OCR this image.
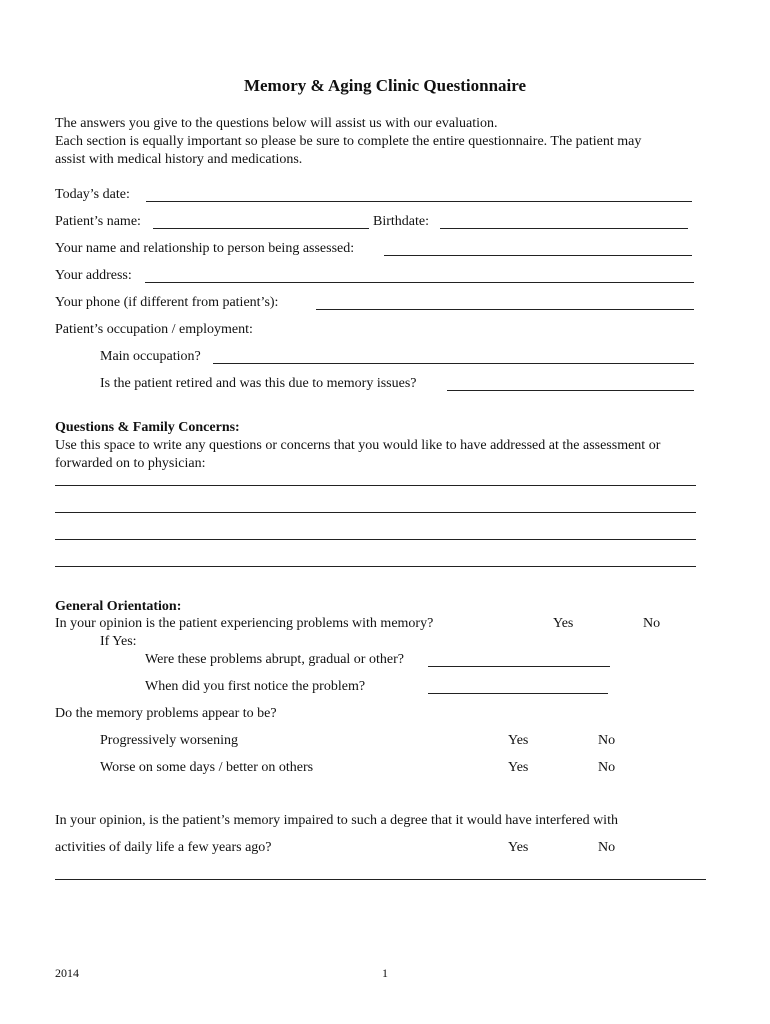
Memory & Aging Clinic Questionnaire
The answers you give to the questions below will assist us with our evaluation.
Each section is equally important so please be sure to complete the entire questionnaire. The patient may
assist with medical history and medications.
Today’s date:
Patient’s name:	Birthdate:
Your name and relationship to person being assessed:
Your address:
Your phone (if different from patient’s):
Patient’s occupation / employment:
Main occupation?
Is the patient retired and was this due to memory issues?
Questions & Family Concerns:
Use this space to write any questions or concerns that you would like to have addressed at the assessment or
forwarded on to physician:
General Orientation:
In your opinion is the patient experiencing problems with memory?	Yes	No
If Yes:
Were these problems abrupt, gradual or other?
When did you first notice the problem?
Do the memory problems appear to be?
Progressively worsening	Yes	No
Worse on some days / better on others	Yes	No
In your opinion, is the patient’s memory impaired to such a degree that it would have interfered with
activities of daily life a few years ago?	Yes	No
2014	1
